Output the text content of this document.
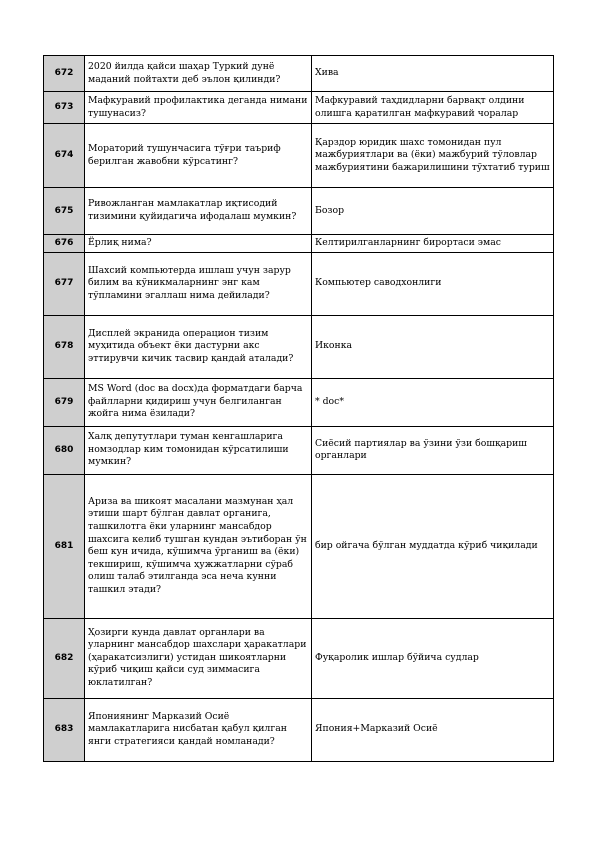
672	2020 йилда қайси шаҳар Туркий дунё маданий пойтахти деб эълон қилинди?	Хива
673	Мафкуравий профилактика деганда нимани тушунасиз?	Мафкуравий таҳдидларни барвақт олдини олишга қаратилган мафкуравий чоралар
674	Мораторий тушунчасига тўғри таъриф берилган жавобни кўрсатинг?	Қарздор юридик шахс томонидан пул мажбуриятлари ва (ёки) мажбурий тўловлар мажбуриятини бажарилишини тўхтатиб туриш
675	Ривожланган мамлакатлар иқтисодий тизимини қуйидагича ифодалаш мумкин?	Бозор
676	Ёрлиқ нима?	Келтирилганларнинг бирортаси эмас
677	Шахсий компьютерда ишлаш учун зарур билим ва кўникмаларнинг энг кам тўпламини эгаллаш нима дейилади?	Компьютер саводхонлиги
678	Дисплей экранида операцион тизим муҳитида объект ёки дастурни акс эттирувчи кичик тасвир қандай аталади?	Иконка
679	MS Word (doc ва docx)да форматдаги барча файлларни қидириш учун белгиланган жойга нима ёзилади?	* doc*
680	Халқ депутутлари туман кенгашларига номзодлар ким томонидан кўрсатилиши мумкин?	Сиёсий партиялар ва ўзини ўзи бошқариш органлари
681	Ариза ва шикоят масалани мазмунан ҳал этиши шарт бўлган давлат органига, ташкилотга ёки уларнинг мансабдор шахсига келиб тушган кундан эътиборан ўн беш кун ичида, кўшимча ўрганиш ва (ёки) текшириш, кўшимча ҳужжатларни сўраб олиш талаб этилганда эса неча кунни ташкил этади?	бир ойгача бўлган муддатда кўриб чиқилади
682	Ҳозирги кунда давлат органлари ва уларнинг мансабдор шахслари ҳаракатлари (ҳаракатсизлиги) устидан шикоятларни кўриб чиқиш қайси суд зиммасига юклатилган?	Фуқаролик ишлар бўйича судлар
683	Япониянинг Марказий Осиё мамлакатларига нисбатан қабул қилган янги стратегияси қандай номланади?	Япония+Марказий Осиё
